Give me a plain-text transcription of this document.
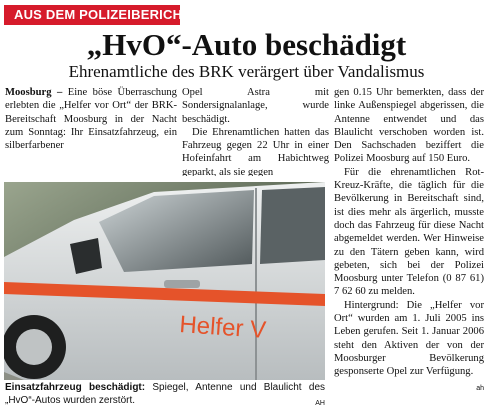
AUS DEM POLIZEIBERICHT
„HvO“-Auto beschädigt
Ehrenamtliche des BRK verärgert über Vandalismus

Moosburg – Eine böse Überraschung erlebten die „Helfer vor Ort“ der BRK-Bereitschaft Moosburg in der Nacht zum Sonntag: Ihr Einsatzfahrzeug, ein silberfarbener

Opel Astra mit Sondersignalanlage, wurde beschädigt.

Die Ehrenamtlichen hatten das Fahrzeug gegen 22 Uhr in einer Hofeinfahrt am Habichtweg geparkt, als sie gegen

gen 0.15 Uhr bemerkten, dass der linke Außenspiegel abgerissen, die Antenne entwendet und das Blaulicht verschoben worden ist. Den Sachschaden beziffert die Polizei Moosburg auf 150 Euro.

Für die ehrenamtlichen Rot-Kreuz-Kräfte, die täglich für die Bevölkerung in Bereitschaft sind, ist dies mehr als ärgerlich, musste doch das Fahrzeug für diese Nacht abgemeldet werden. Wer Hinweise zu den Tätern geben kann, wird gebeten, sich bei der Polizei Moosburg unter Telefon (0 87 61) 7 62 60 zu melden.

Hintergrund: Die „Helfer vor Ort“ wurden am 1. Juli 2005 ins Leben gerufen. Seit 1. Januar 2006 steht den Aktiven der von der Moosburger Bevölkerung gesponserte Opel zur Verfügung.
ah

Helfer V
Einsatzfahrzeug beschädigt: Spiegel, Antenne und Blaulicht des „HvO“-Autos wurden zerstört.	AH
